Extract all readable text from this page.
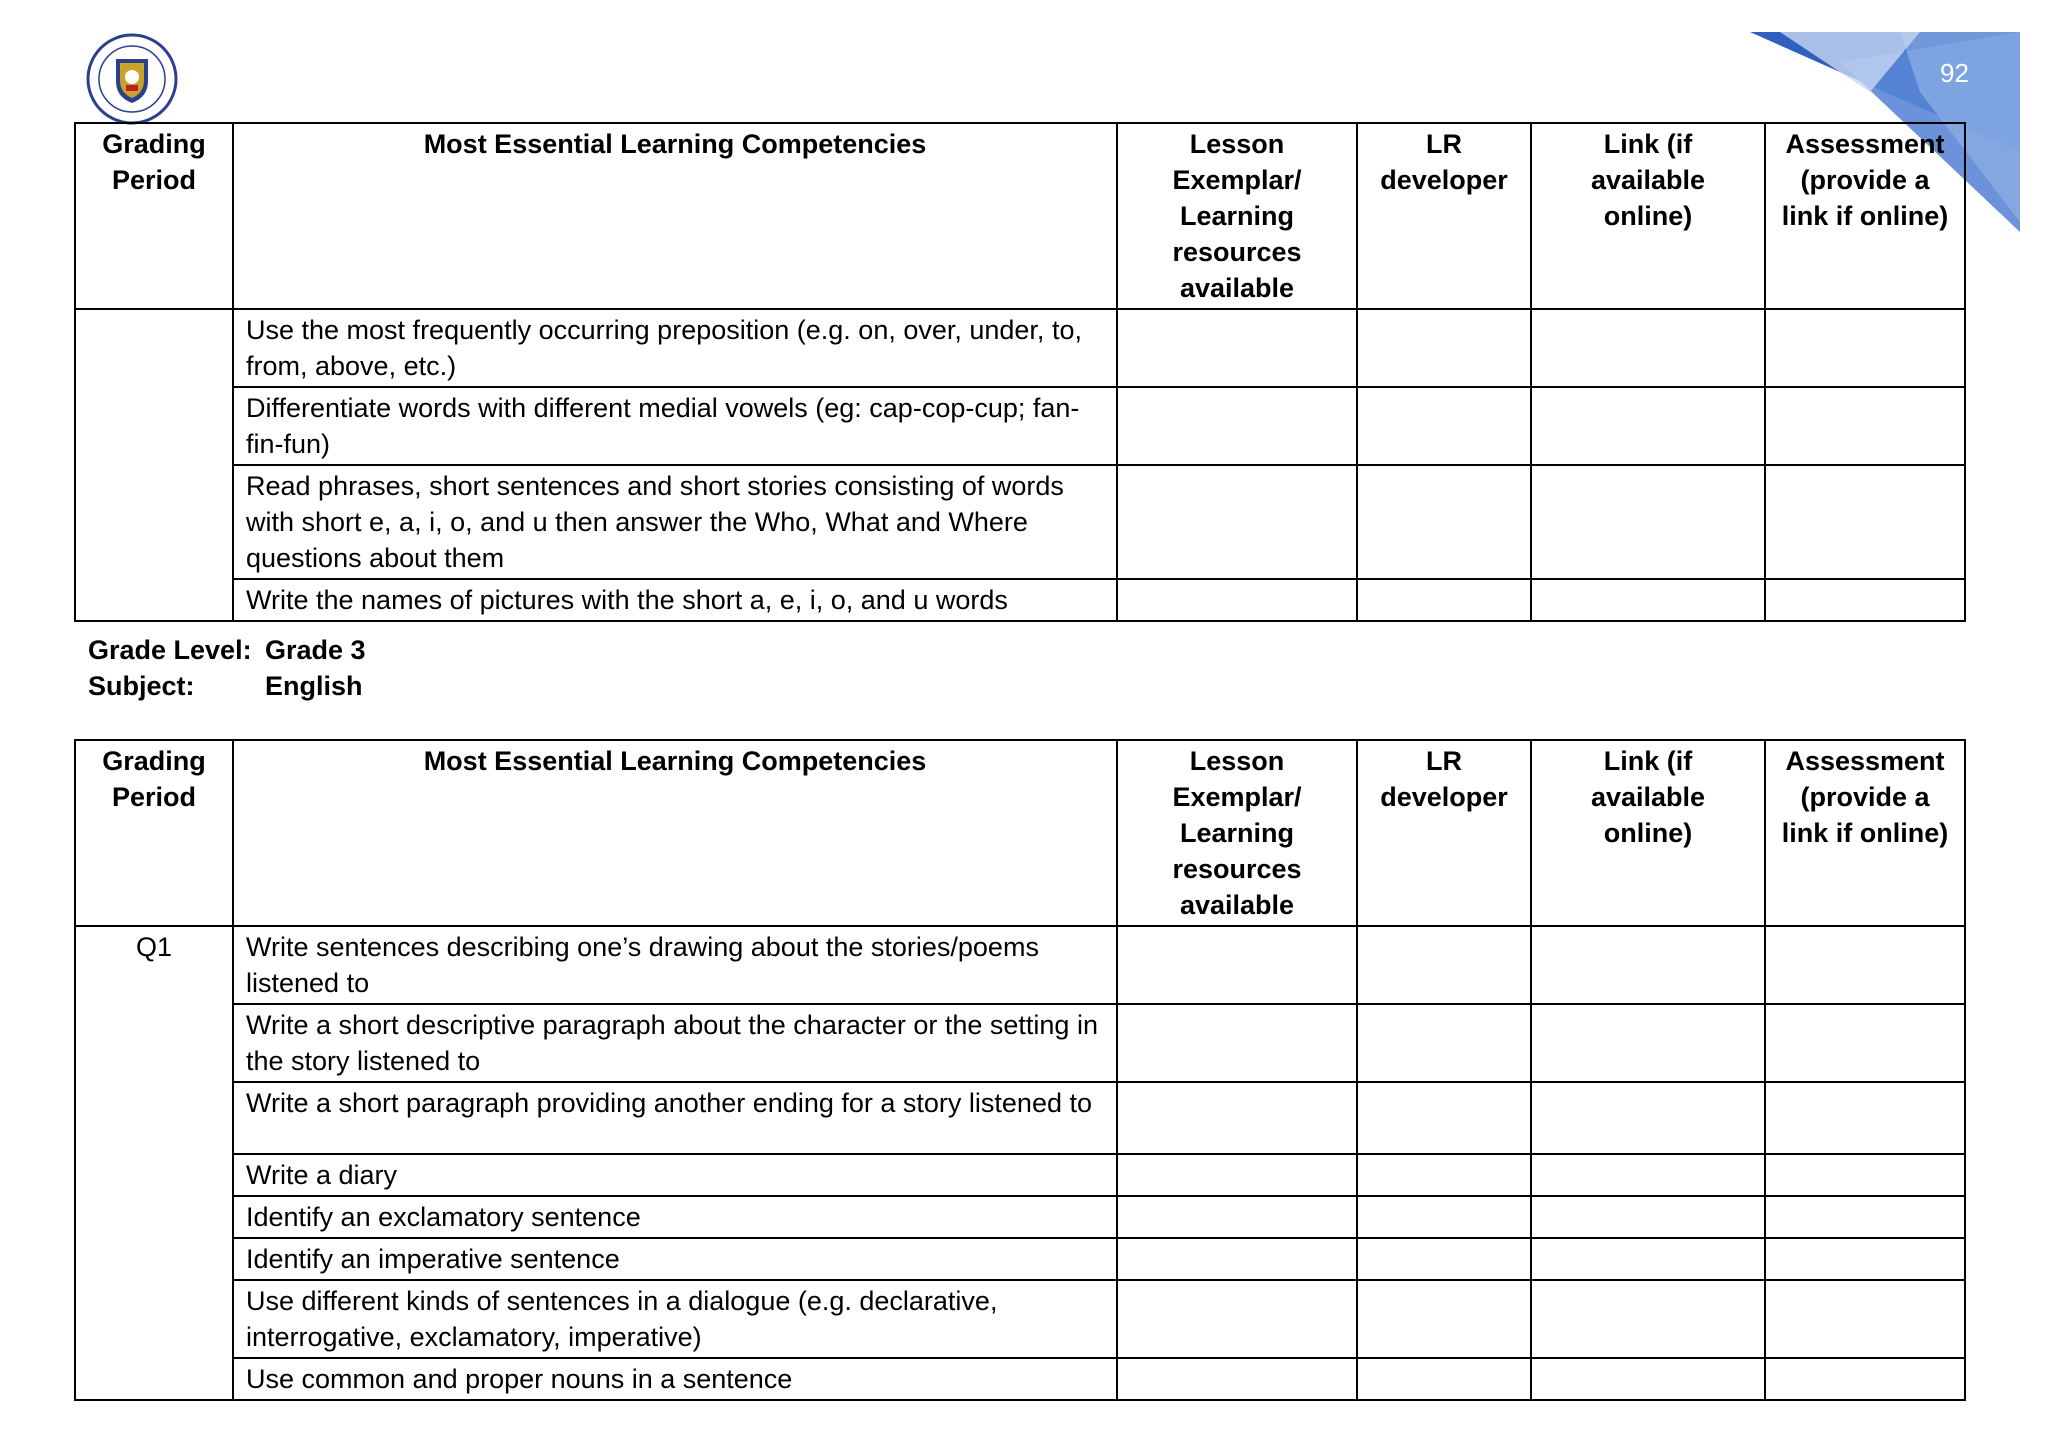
92
Grading Period	Most Essential Learning Competencies	Lesson Exemplar/ Learning resources available	LR developer	Link (if available online)	Assessment (provide a link if online)
	Use the most frequently occurring preposition (e.g. on, over, under, to, from, above, etc.)				
	Differentiate words with different medial vowels (eg: cap-cop-cup; fan-fin-fun)				
	Read phrases, short sentences and short stories consisting of words with short e, a, i, o, and u then answer the Who, What and Where questions about them				
	Write the names of pictures with the short a, e, i, o, and u words				
Grade Level: Grade 3
Subject:	English
Grading Period	Most Essential Learning Competencies	Lesson Exemplar/ Learning resources available	LR developer	Link (if available online)	Assessment (provide a link if online)
Q1	Write sentences describing one’s drawing about the stories/poems listened to				
	Write a short descriptive paragraph about the character or the setting in the story listened to				
	Write a short paragraph providing another ending for a story listened to				
	Write a diary				
	Identify an exclamatory sentence				
	Identify an imperative sentence				
	Use different kinds of sentences in a dialogue (e.g. declarative, interrogative, exclamatory, imperative)				
	Use common and proper nouns in a sentence				
